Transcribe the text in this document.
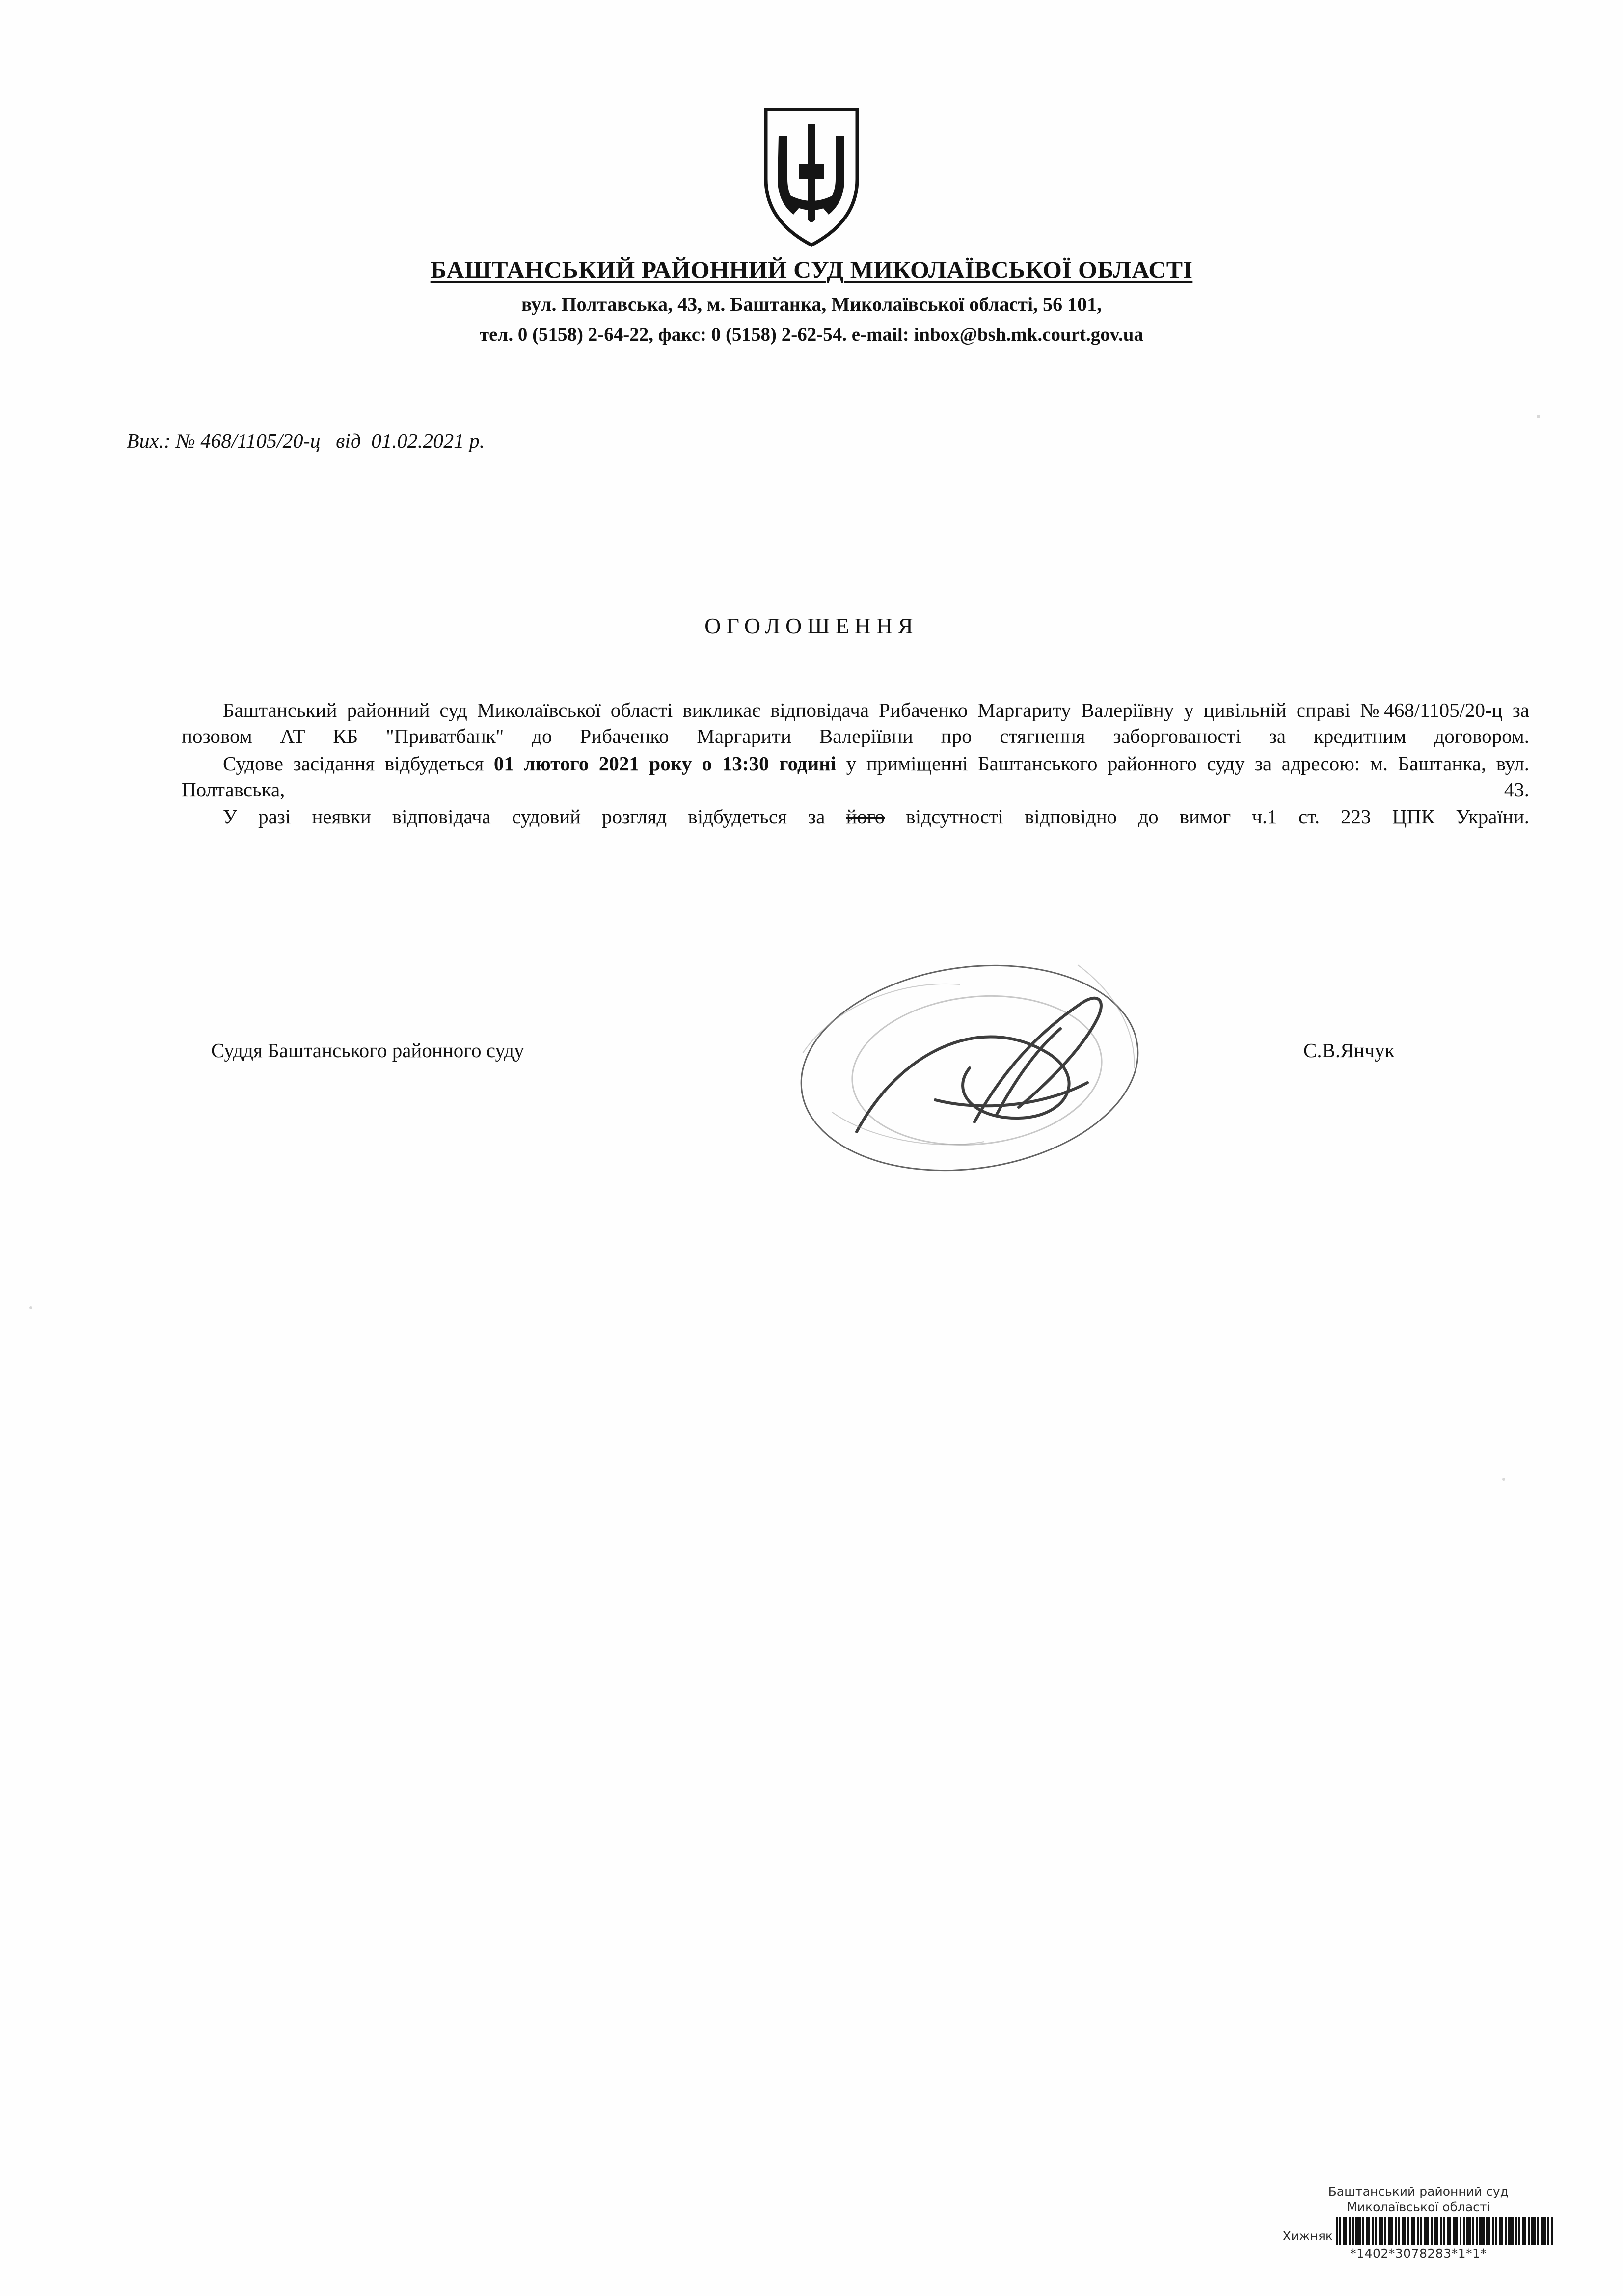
БАШТАНСЬКИЙ РАЙОННИЙ СУД МИКОЛАЇВСЬКОЇ ОБЛАСТІ
вул. Полтавська, 43, м. Баштанка, Миколаївської області, 56 101,
тел. 0 (5158) 2-64-22, факс: 0 (5158) 2-62-54. e-mail: inbox@bsh.mk.court.gov.ua
Вих.: № 468/1105/20-ц   від  01.02.2021 р.
ОГОЛОШЕННЯ

Баштанський районний суд Миколаївської області викликає відповідача Рибаченко Маргариту Валеріївну у цивільній справі №468/1105/20-ц за позовом АТ КБ "Приватбанк" до Рибаченко Маргарити Валеріївни про стягнення заборгованості за кредитним договором.

Судове засідання відбудеться 01 лютого 2021 року о 13:30 годині у приміщенні Баштанського районного суду за адресою: м. Баштанка, вул. Полтавська, 43.

У разі неявки відповідача судовий розгляд відбудеться за його відсутності відповідно до вимог ч.1 ст. 223 ЦПК України.

Суддя Баштанського районного суду	С.В.Янчук
Баштанський районний суд
Миколаївської області
Хижняк
*1402*3078283*1*1*
